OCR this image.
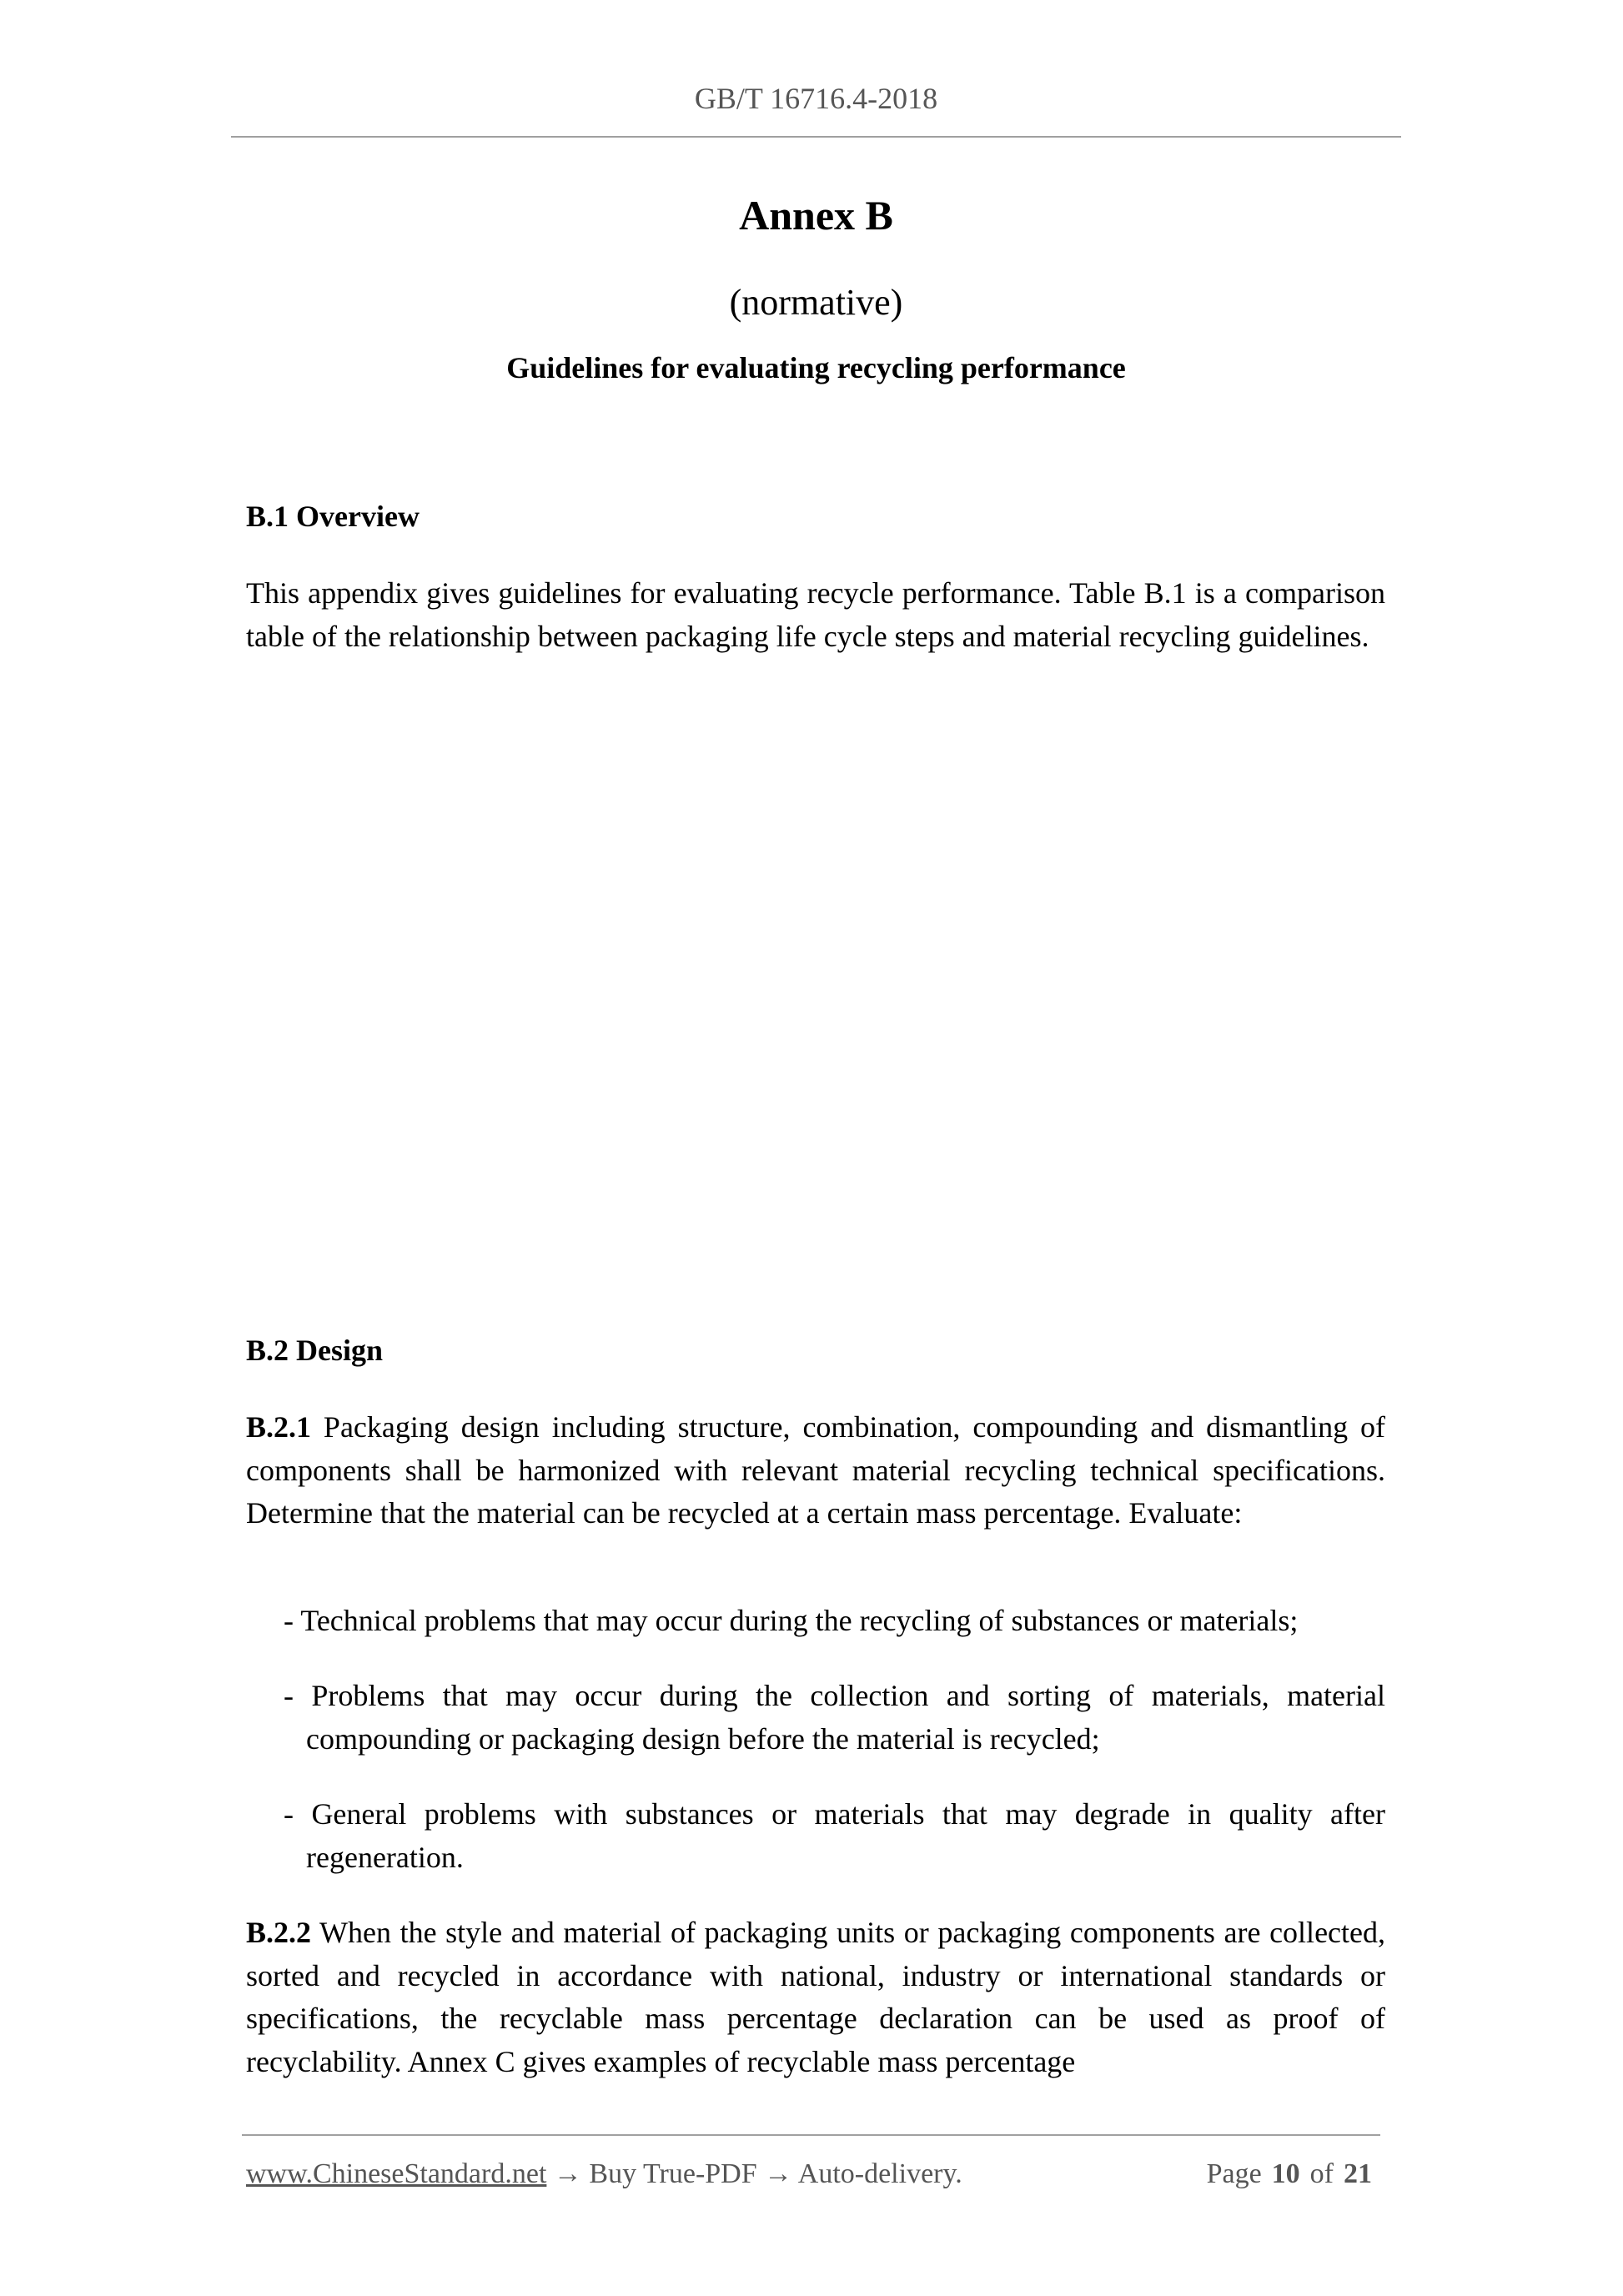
GB/T 16716.4-2018
Annex B
(normative)
Guidelines for evaluating recycling performance
B.1 Overview
This appendix gives guidelines for evaluating recycle performance. Table B.1 is a comparison table of the relationship between packaging life cycle steps and material recycling guidelines.
B.2 Design
B.2.1 Packaging design including structure, combination, compounding and dismantling of components shall be harmonized with relevant material recycling technical specifications. Determine that the material can be recycled at a certain mass percentage. Evaluate:
- Technical problems that may occur during the recycling of substances or materials;
- Problems that may occur during the collection and sorting of materials, material compounding or packaging design before the material is recycled;
- General problems with substances or materials that may degrade in quality after regeneration.
B.2.2 When the style and material of packaging units or packaging components are collected, sorted and recycled in accordance with national, industry or international standards or specifications, the recyclable mass percentage declaration can be used as proof of recyclability. Annex C gives examples of recyclable mass percentage
www.ChineseStandard.net → Buy True-PDF → Auto-delivery.	Page 10 of 21
